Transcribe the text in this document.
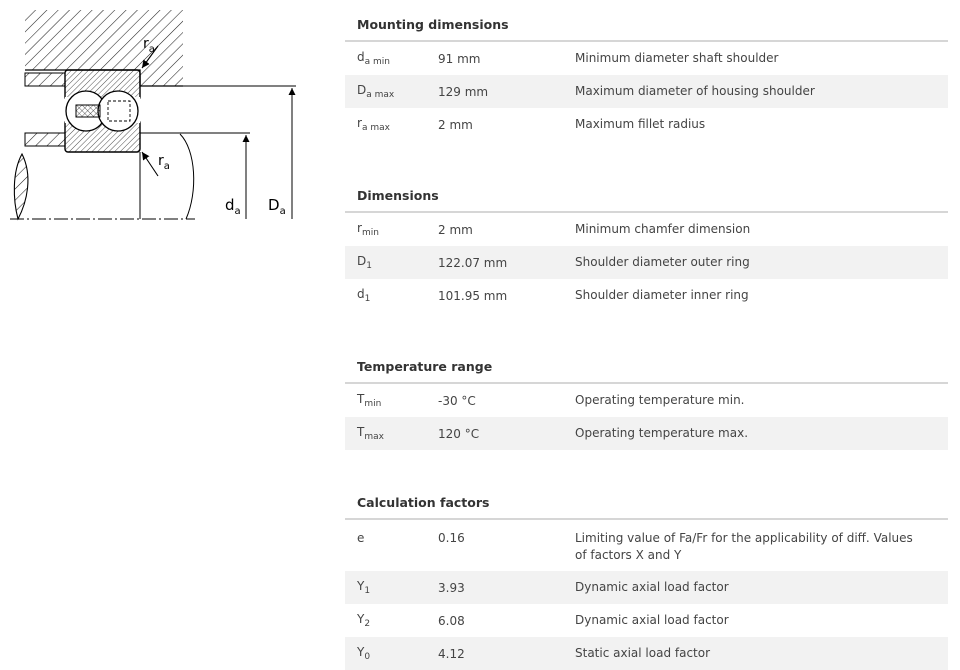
$r_a$
$r_a$
$d_a$ $D_a$
Mounting dimensions
$d_{a min}$	91 mm	Minimum diameter shaft shoulder
$D_{a max}$	129 mm	Maximum diameter of housing shoulder
$r_{a max}$	2 mm	Maximum fillet radius
Dimensions
$r_{min}$	2 mm	Minimum chamfer dimension
$D_1$	122.07 mm	Shoulder diameter outer ring
$d_1$	101.95 mm	Shoulder diameter inner ring
Temperature range
$T_{min}$	-30 °C	Operating temperature min.
$T_{max}$	120 °C	Operating temperature max.
Calculation factors
e	0.16	Limiting value of Fa/Fr for the applicability of diff. Values of factors X and Y
$Y_1$	3.93	Dynamic axial load factor
$Y_2$	6.08	Dynamic axial load factor
$Y_0$	4.12	Static axial load factor
